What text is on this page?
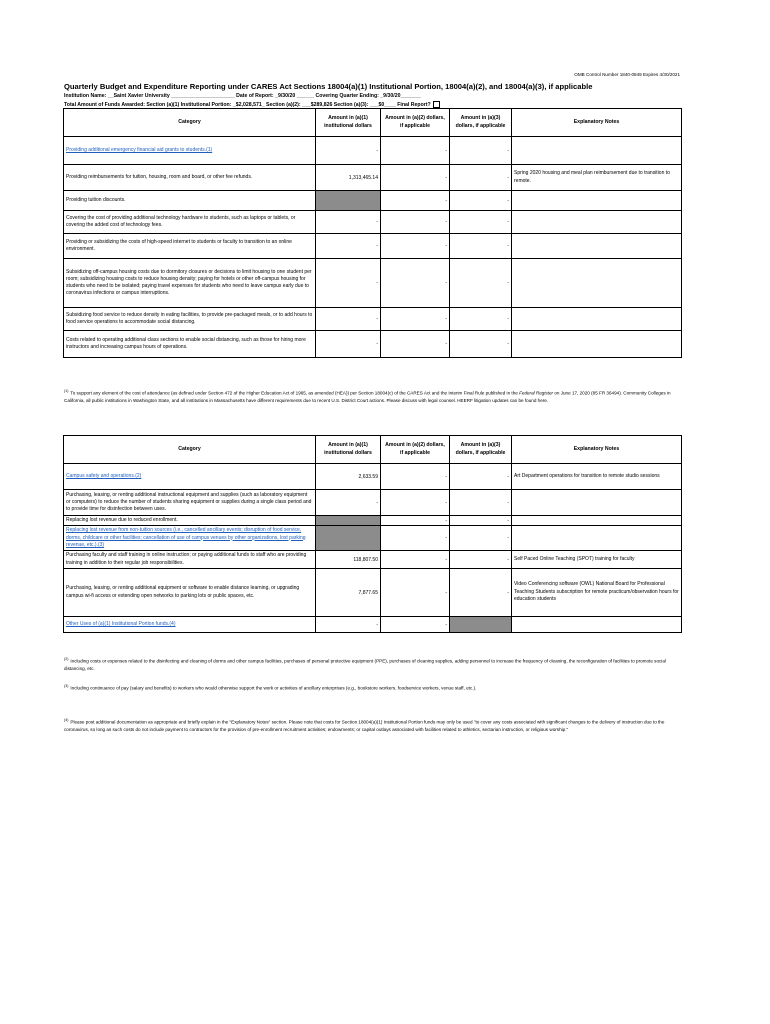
OMB Control Number 1840-0849 Expires 4/30/2021
Quarterly Budget and Expenditure Reporting under CARES Act Sections 18004(a)(1) Institutional Portion, 18004(a)(2), and 18004(a)(3), if applicable
Institution Name: __Saint Xavier University ______________________ Date of Report: _9/30/20 ______ Covering Quarter Ending: _9/30/20_______
Total Amount of Funds Awarded: Section (a)(1) Institutional Portion: _$2,028,571_ Section (a)(2): ___$289,826 Section (a)(3): ___$0____ Final Report?
Category	Amount in (a)(1) institutional dollars	Amount in (a)(2) dollars, if applicable	Amount in (a)(3) dollars, if applicable	Explanatory Notes
Providing additional emergency financial aid grants to students.(1)	-	-	-	
Providing reimbursements for tuition, housing, room and board, or other fee refunds.	1,313,465.14	-	-	Spring 2020 housing and meal plan reimbursement due to transition to remote.
Providing tuition discounts.		-	-	
Covering the cost of providing additional technology hardware to students, such as laptops or tablets, or covering the added cost of technology fees.	-	-	-	
Providing or subsidizing the costs of high-speed internet to students or faculty to transition to an online environment.	-	-	-	
Subsidizing off-campus housing costs due to dormitory closures or decisions to limit housing to one student per room; subsidizing housing costs to reduce housing density; paying for hotels or other off-campus housing for students who need to be isolated; paying travel expenses for students who need to leave campus early due to coronavirus infections or campus interruptions.	-	-	-	
Subsidizing food service to reduce density in eating facilities, to provide pre-packaged meals, or to add hours to food service operations to accommodate social distancing.	-	-	-	
Costs related to operating additional class sections to enable social distancing, such as those for hiring more instructors and increasing campus hours of operations.	-	-	-	
$^{(1)}$ To support any element of the cost of attendance (as defined under Section 472 of the Higher Education Act of 1965, as amended (HEA)) per Section 18004(c) of the CARES Act and the Interim Final Rule published in the Federal Register on June 17, 2020 (85 FR 36494). Community Colleges in California, all public institutions in Washington State, and all institutions in Massachusetts have different requirements due to recent U.S. District Court actions. Please discuss with legal counsel. HEERF litigation updates can be found here.
Category	Amount in (a)(1) institutional dollars	Amount in (a)(2) dollars, if applicable	Amount in (a)(3) dollars, if applicable	Explanatory Notes
Campus safety and operations.(2)	2,633.59	-	-	Art Department operations for transition to remote studio sessions
Purchasing, leasing, or renting additional instructional equipment and supplies (such as laboratory equipment or computers) to reduce the number of students sharing equipment or supplies during a single class period and to provide time for disinfection between uses.	-	-	-	
Replacing lost revenue due to reduced enrollment.		-	-	
Replacing lost revenue from non-tuition sources (i.e., cancelled ancillary events; disruption of food service, dorms, childcare or other facilities; cancellation of use of campus venues by other organizations, lost parking revenue, etc.).(3)		-	-	
Purchasing faculty and staff training in online instruction; or paying additional funds to staff who are providing training in addition to their regular job responsibilities.	118,807.50	-	-	Self Paced Online Teaching (SPOT) training for faculty
Purchasing, leasing, or renting additional equipment or software to enable distance learning, or upgrading campus wi-fi access or extending open networks to parking lots or public spaces, etc.	7,877.65	-	-	Video Conferencing software (OWL) National Board for Professional Teaching Students subscription for remote practicum/observation hours for education students
Other Uses of (a)(1) Institutional Portion funds.(4)	-	-		
$^{(2)}$ Including costs or expenses related to the disinfecting and cleaning of dorms and other campus facilities, purchases of personal protective equipment (PPE), purchases of cleaning supplies, adding personnel to increase the frequency of cleaning, the reconfiguration of facilities to promote social distancing, etc.
$^{(3)}$ Including continuance of pay (salary and benefits) to workers who would otherwise support the work or activities of ancillary enterprises (e.g., bookstore workers, foodservice workers, venue staff, etc.).
$^{(4)}$ Please post additional documentation as appropriate and briefly explain in the "Explanatory Notes" section. Please note that costs for Section 18004(a)(1) Institutional Portion funds may only be used "to cover any costs associated with significant changes to the delivery of instruction due to the coronavirus, so long as such costs do not include payment to contractors for the provision of pre-enrollment recruitment activities; endowments; or capital outlays associated with facilities related to athletics, sectarian instruction, or religious worship."
